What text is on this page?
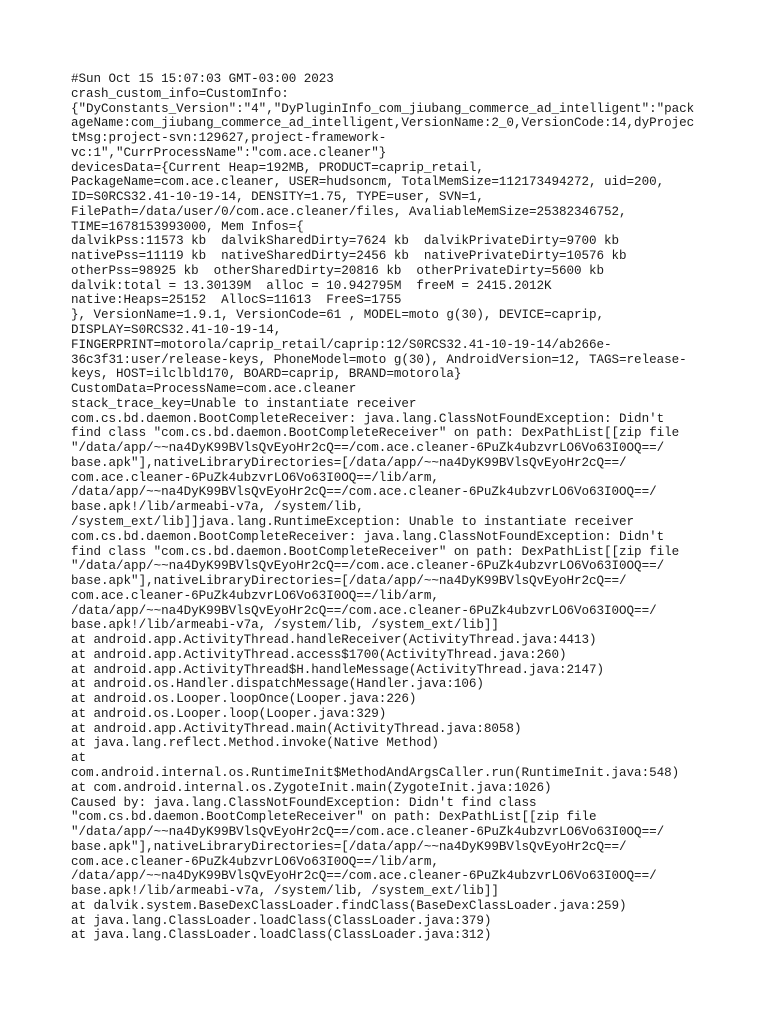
#Sun Oct 15 15:07:03 GMT-03:00 2023
crash_custom_info=CustomInfo:
{"DyConstants_Version":"4","DyPluginInfo_com_jiubang_commerce_ad_intelligent":"pack
ageName:com_jiubang_commerce_ad_intelligent,VersionName:2_0,VersionCode:14,dyProjec
tMsg:project-svn:129627,project-framework-
vc:1","CurrProcessName":"com.ace.cleaner"}
devicesData={Current Heap=192MB, PRODUCT=caprip_retail,
PackageName=com.ace.cleaner, USER=hudsoncm, TotalMemSize=112173494272, uid=200,
ID=S0RCS32.41-10-19-14, DENSITY=1.75, TYPE=user, SVN=1,
FilePath=/data/user/0/com.ace.cleaner/files, AvaliableMemSize=25382346752,
TIME=1678153993000, Mem Infos={
dalvikPss:11573 kb  dalvikSharedDirty=7624 kb  dalvikPrivateDirty=9700 kb
nativePss=11119 kb  nativeSharedDirty=2456 kb  nativePrivateDirty=10576 kb
otherPss=98925 kb  otherSharedDirty=20816 kb  otherPrivateDirty=5600 kb
dalvik:total = 13.30139M  alloc = 10.942795M  freeM = 2415.2012K
native:Heaps=25152  AllocS=11613  FreeS=1755
}, VersionName=1.9.1, VersionCode=61 , MODEL=moto g(30), DEVICE=caprip,
DISPLAY=S0RCS32.41-10-19-14,
FINGERPRINT=motorola/caprip_retail/caprip:12/S0RCS32.41-10-19-14/ab266e-
36c3f31:user/release-keys, PhoneModel=moto g(30), AndroidVersion=12, TAGS=release-
keys, HOST=ilclbld170, BOARD=caprip, BRAND=motorola}
CustomData=ProcessName=com.ace.cleaner
stack_trace_key=Unable to instantiate receiver
com.cs.bd.daemon.BootCompleteReceiver: java.lang.ClassNotFoundException: Didn't
find class "com.cs.bd.daemon.BootCompleteReceiver" on path: DexPathList[[zip file
"/data/app/~~na4DyK99BVlsQvEyoHr2cQ==/com.ace.cleaner-6PuZk4ubzvrLO6Vo63I0OQ==/
base.apk"],nativeLibraryDirectories=[/data/app/~~na4DyK99BVlsQvEyoHr2cQ==/
com.ace.cleaner-6PuZk4ubzvrLO6Vo63I0OQ==/lib/arm,
/data/app/~~na4DyK99BVlsQvEyoHr2cQ==/com.ace.cleaner-6PuZk4ubzvrLO6Vo63I0OQ==/
base.apk!/lib/armeabi-v7a, /system/lib,
/system_ext/lib]]java.lang.RuntimeException: Unable to instantiate receiver
com.cs.bd.daemon.BootCompleteReceiver: java.lang.ClassNotFoundException: Didn't
find class "com.cs.bd.daemon.BootCompleteReceiver" on path: DexPathList[[zip file
"/data/app/~~na4DyK99BVlsQvEyoHr2cQ==/com.ace.cleaner-6PuZk4ubzvrLO6Vo63I0OQ==/
base.apk"],nativeLibraryDirectories=[/data/app/~~na4DyK99BVlsQvEyoHr2cQ==/
com.ace.cleaner-6PuZk4ubzvrLO6Vo63I0OQ==/lib/arm,
/data/app/~~na4DyK99BVlsQvEyoHr2cQ==/com.ace.cleaner-6PuZk4ubzvrLO6Vo63I0OQ==/
base.apk!/lib/armeabi-v7a, /system/lib, /system_ext/lib]]
at android.app.ActivityThread.handleReceiver(ActivityThread.java:4413)
at android.app.ActivityThread.access$1700(ActivityThread.java:260)
at android.app.ActivityThread$H.handleMessage(ActivityThread.java:2147)
at android.os.Handler.dispatchMessage(Handler.java:106)
at android.os.Looper.loopOnce(Looper.java:226)
at android.os.Looper.loop(Looper.java:329)
at android.app.ActivityThread.main(ActivityThread.java:8058)
at java.lang.reflect.Method.invoke(Native Method)
at
com.android.internal.os.RuntimeInit$MethodAndArgsCaller.run(RuntimeInit.java:548)
at com.android.internal.os.ZygoteInit.main(ZygoteInit.java:1026)
Caused by: java.lang.ClassNotFoundException: Didn't find class
"com.cs.bd.daemon.BootCompleteReceiver" on path: DexPathList[[zip file
"/data/app/~~na4DyK99BVlsQvEyoHr2cQ==/com.ace.cleaner-6PuZk4ubzvrLO6Vo63I0OQ==/
base.apk"],nativeLibraryDirectories=[/data/app/~~na4DyK99BVlsQvEyoHr2cQ==/
com.ace.cleaner-6PuZk4ubzvrLO6Vo63I0OQ==/lib/arm,
/data/app/~~na4DyK99BVlsQvEyoHr2cQ==/com.ace.cleaner-6PuZk4ubzvrLO6Vo63I0OQ==/
base.apk!/lib/armeabi-v7a, /system/lib, /system_ext/lib]]
at dalvik.system.BaseDexClassLoader.findClass(BaseDexClassLoader.java:259)
at java.lang.ClassLoader.loadClass(ClassLoader.java:379)
at java.lang.ClassLoader.loadClass(ClassLoader.java:312)
